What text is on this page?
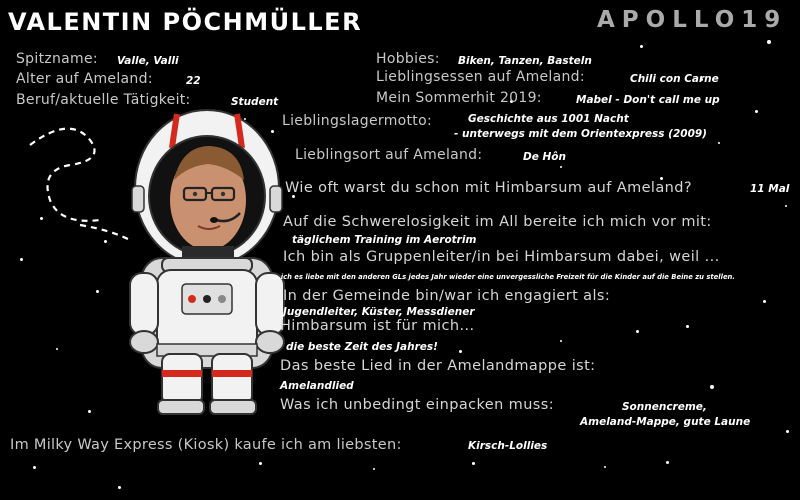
VALENTIN PÖCHMÜLLER	APOLLO19
Spitzname: Valle, Valli
Alter auf Ameland:	22
Beruf/aktuelle Tätigkeit:	Student
Hobbies: Biken, Tanzen, Basteln
Lieblingsessen auf Ameland:	Chili con Carne
Mein Sommerhit 2019:	Mabel - Don't call me up
Lieblingslagermotto:	Geschichte aus 1001 Nacht
- unterwegs mit dem Orientexpress (2009)
Lieblingsort auf Ameland:	De Hôn
Wie oft warst du schon mit Himbarsum auf Ameland?	11 Mal
Auf die Schwerelosigkeit im All bereite ich mich vor mit:
täglichem Training im Aerotrim
Ich bin als Gruppenleiter/in bei Himbarsum dabei, weil ...
...ich es liebe mit den anderen GLs jedes Jahr wieder eine unvergessliche Freizeit für die Kinder auf die Beine zu stellen.
In der Gemeinde bin/war ich engagiert als:
Jugendleiter, Küster, Messdiener
Himbarsum ist für mich...
die beste Zeit des Jahres!
Das beste Lied in der Amelandmappe ist:
Amelandlied
Was ich unbedingt einpacken muss:	Sonnencreme,
Ameland-Mappe, gute Laune
Im Milky Way Express (Kiosk) kaufe ich am liebsten:	Kirsch-Lollies
